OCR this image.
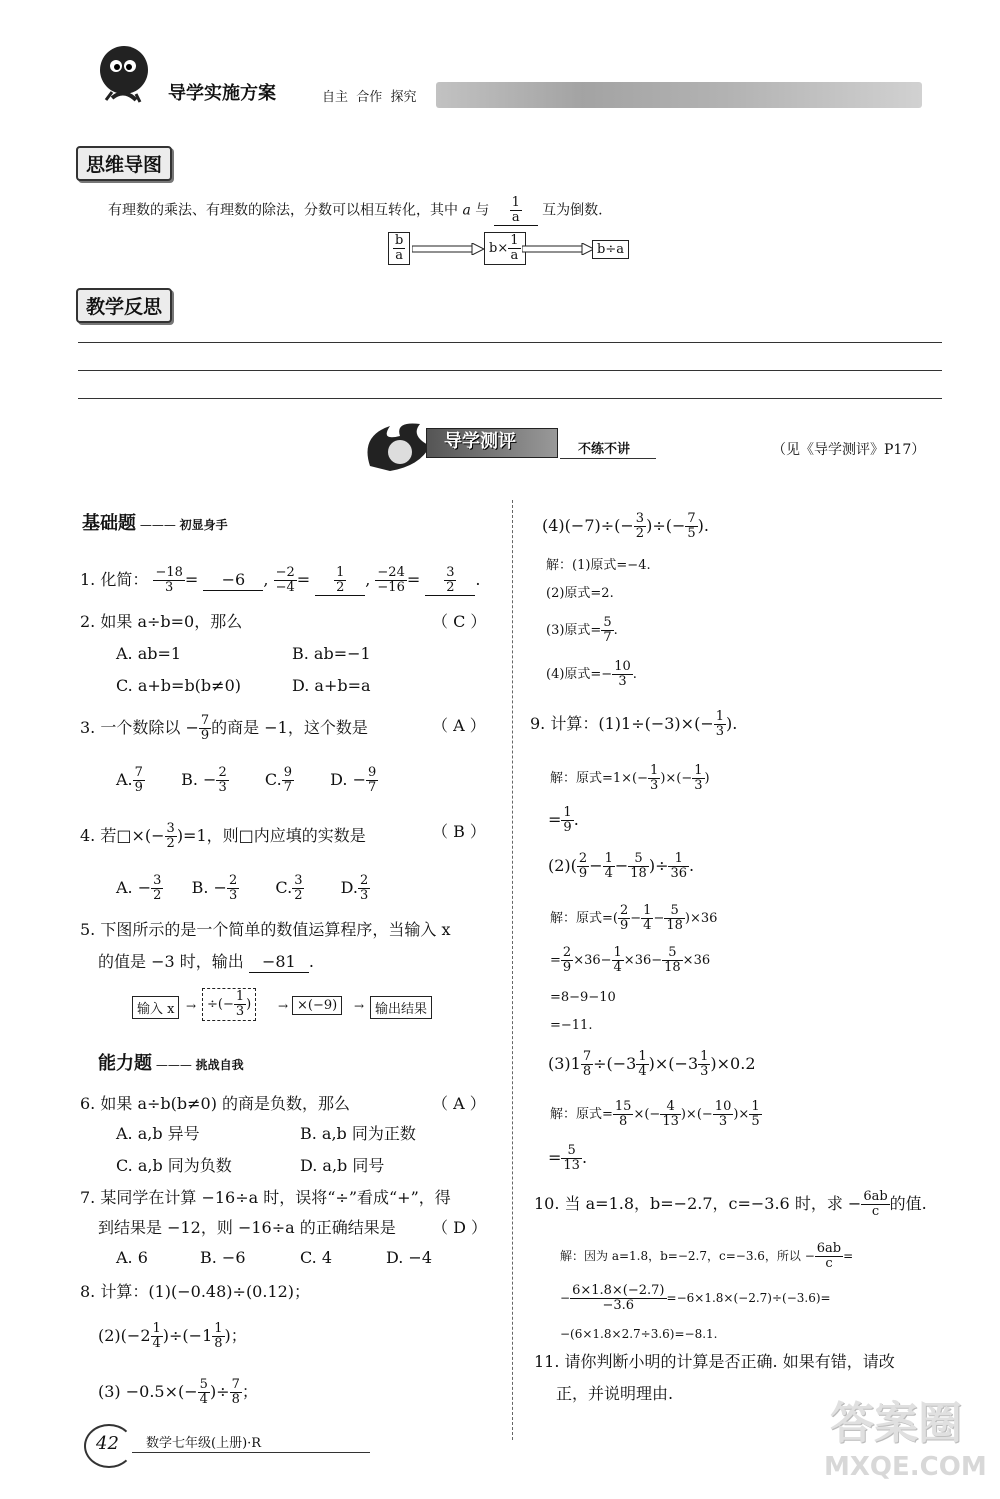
导学实施方案	自主  合作  探究
思维导图
有理数的乘法、有理数的除法，分数可以相互转化，其中 a 与 $\frac{1}{a}$ 互为倒数.
$\frac{b}{a}$	$b\times \frac{1}{a}$	b÷a
教学反思
导学测评	不练不讲	（见《导学测评》P17）
基础题 ——— 初显身手
1. 化简： $\frac{-18}{3} = -6$ , $\frac{-2}{-4} = \frac{1}{2}$ , $\frac{-24}{-16} = \frac{3}{2}$ .
2. 如果 a÷b=0，那么	（ C ）
A. ab=1	B. ab=−1
C. a+b=b(b≠0)	D. a+b=a
3. 一个数除以 − $\frac{7}{9}$ 的商是 −1，这个数是	（ A ）
A. $\frac{7}{9} B$. − $\frac{2}{3} C$. $\frac{9}{7} D$. − $\frac{9}{7}$
4. 若□×(− $\frac{3}{2} )=1$，则□内应填的实数是	（ B ）
A. − $\frac{3}{2} B$. − $\frac{2}{3} C$. $\frac{3}{2} D$. $\frac{2}{3}$
5. 下图所示的是一个简单的数值运算程序，当输入 x
的值是 −3 时，输出 −81 .
输入 x → ÷(− $\frac{1}{3}$ )	→ ×(−9)	→ 输出结果
能力题 ——— 挑战自我
6. 如果 a÷b(b≠0) 的商是负数，那么	（ A ）
A. a,b 异号	B. a,b 同为正数
C. a,b 同为负数	D. a,b 同号
7. 某同学在计算 −16÷a 时，误将“÷”看成“+”，得
到结果是 −12，则 −16÷a 的正确结果是 （ D ）
A. 6	B. −6	C. 4	D. −4
8. 计算：(1)(−0.48)÷(0.12)；
$(2)(-2 \frac{1}{4} )\div(-1 \frac{1}{8}$ )；
$(3) -0.5\times(- \frac{5}{4}$ )÷ $\frac{7}{8}$ ；
$(4)(-7)\div(- \frac{3}{2}$ )÷(− $\frac{7}{5}$ ).
解：(1)原式=−4.
(2)原式=2.
(3)原式= $\frac{5}{7}$ .
(4)原式=− $\frac{10}{3}$ .
9. 计算：$(1)1\div(-3)\times(- \frac{1}{3}$ ).
解：原式$=1\times(- \frac{1}{3}$ )×(− $\frac{1}{3}$ )
= $\frac{1}{9}$ .
$(2)( \frac{2}{9} - \frac{1}{4} - \frac{5}{18}$ )÷ $\frac{1}{36}$ .
解：原式=( $\frac{2}{9} - \frac{1}{4} - \frac{5}{18} )\times 36$
= $\frac{2}{9} \times 36- \frac{1}{4} \times 36- \frac{5}{18} \times 36$
=8−9−10
=−11.
$(3)1 \frac{7}{8} \div(-3 \frac{1}{4} )\times(-3 \frac{1}{3} )\times 0.2$
解：原式= $\frac{15}{8}$ ×(− $\frac{4}{13}$ )×(− $\frac{10}{3}$ )× $\frac{1}{5}$
= $\frac{5}{13}$ .
10. 当 a=1.8，b=−2.7，c=−3.6 时，求 − $\frac{6ab}{c}$ 的值.
解：因为 a=1.8，b=−2.7，c=−3.6，所以 − $\frac{6ab}{c}$ =
− $\frac{6\times 1.8\times(-2.7)}{-3.6} =-6\times 1.8\times(-2.7)\div(-3.6)=$
−(6×1.8×2.7÷3.6)=−8.1.
11. 请你判断小明的计算是否正确. 如果有错，请改
正，并说明理由.
42 数学七年级(上册)·R	答案圈
MXQE.COM
